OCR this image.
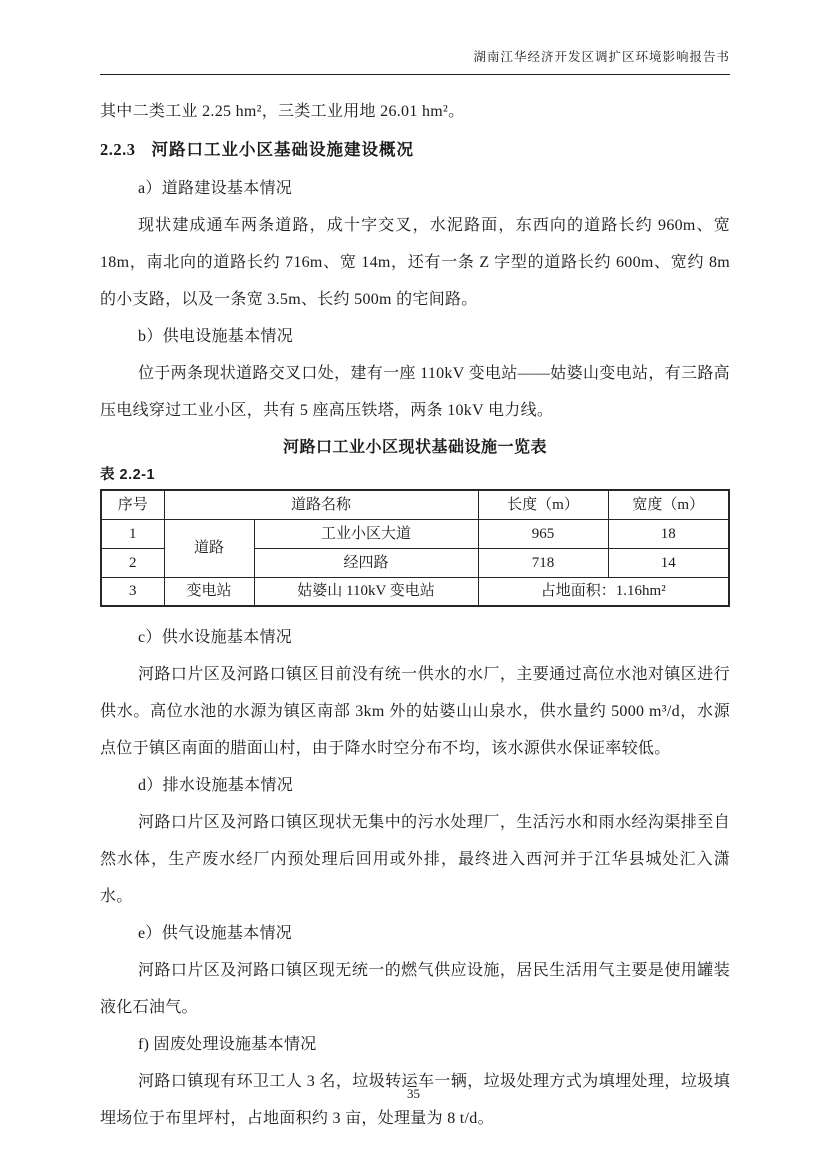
湖南江华经济开发区调扩区环境影响报告书

其中二类工业 2.25 hm²，三类工业用地 26.01 hm²。

2.2.3 河路口工业小区基础设施建设概况

a）道路建设基本情况

现状建成通车两条道路，成十字交叉，水泥路面，东西向的道路长约 960m、宽 18m，南北向的道路长约 716m、宽 14m，还有一条 Z 字型的道路长约 600m、宽约 8m 的小支路，以及一条宽 3.5m、长约 500m 的宅间路。

b）供电设施基本情况

位于两条现状道路交叉口处，建有一座 110kV 变电站——姑婆山变电站，有三路高压电线穿过工业小区，共有 5 座高压铁塔，两条 10kV 电力线。

河路口工业小区现状基础设施一览表
表 2.2-1
序号	道路名称		长度（m）	宽度（m）
1	道路	工业小区大道	965	18
2		经四路	718	14
3	变电站	姑婆山 110kV 变电站	占地面积：1.16hm²	

c）供水设施基本情况

河路口片区及河路口镇区目前没有统一供水的水厂，主要通过高位水池对镇区进行供水。高位水池的水源为镇区南部 3km 外的姑婆山山泉水，供水量约 5000 m³/d，水源点位于镇区南面的腊面山村，由于降水时空分布不均，该水源供水保证率较低。

d）排水设施基本情况

河路口片区及河路口镇区现状无集中的污水处理厂，生活污水和雨水经沟渠排至自然水体，生产废水经厂内预处理后回用或外排，最终进入西河并于江华县城处汇入潇水。

e）供气设施基本情况

河路口片区及河路口镇区现无统一的燃气供应设施，居民生活用气主要是使用罐装液化石油气。

f) 固废处理设施基本情况

河路口镇现有环卫工人 3 名，垃圾转运车一辆，垃圾处理方式为填埋处理，垃圾填埋场位于布里坪村，占地面积约 3 亩，处理量为 8 t/d。

35
